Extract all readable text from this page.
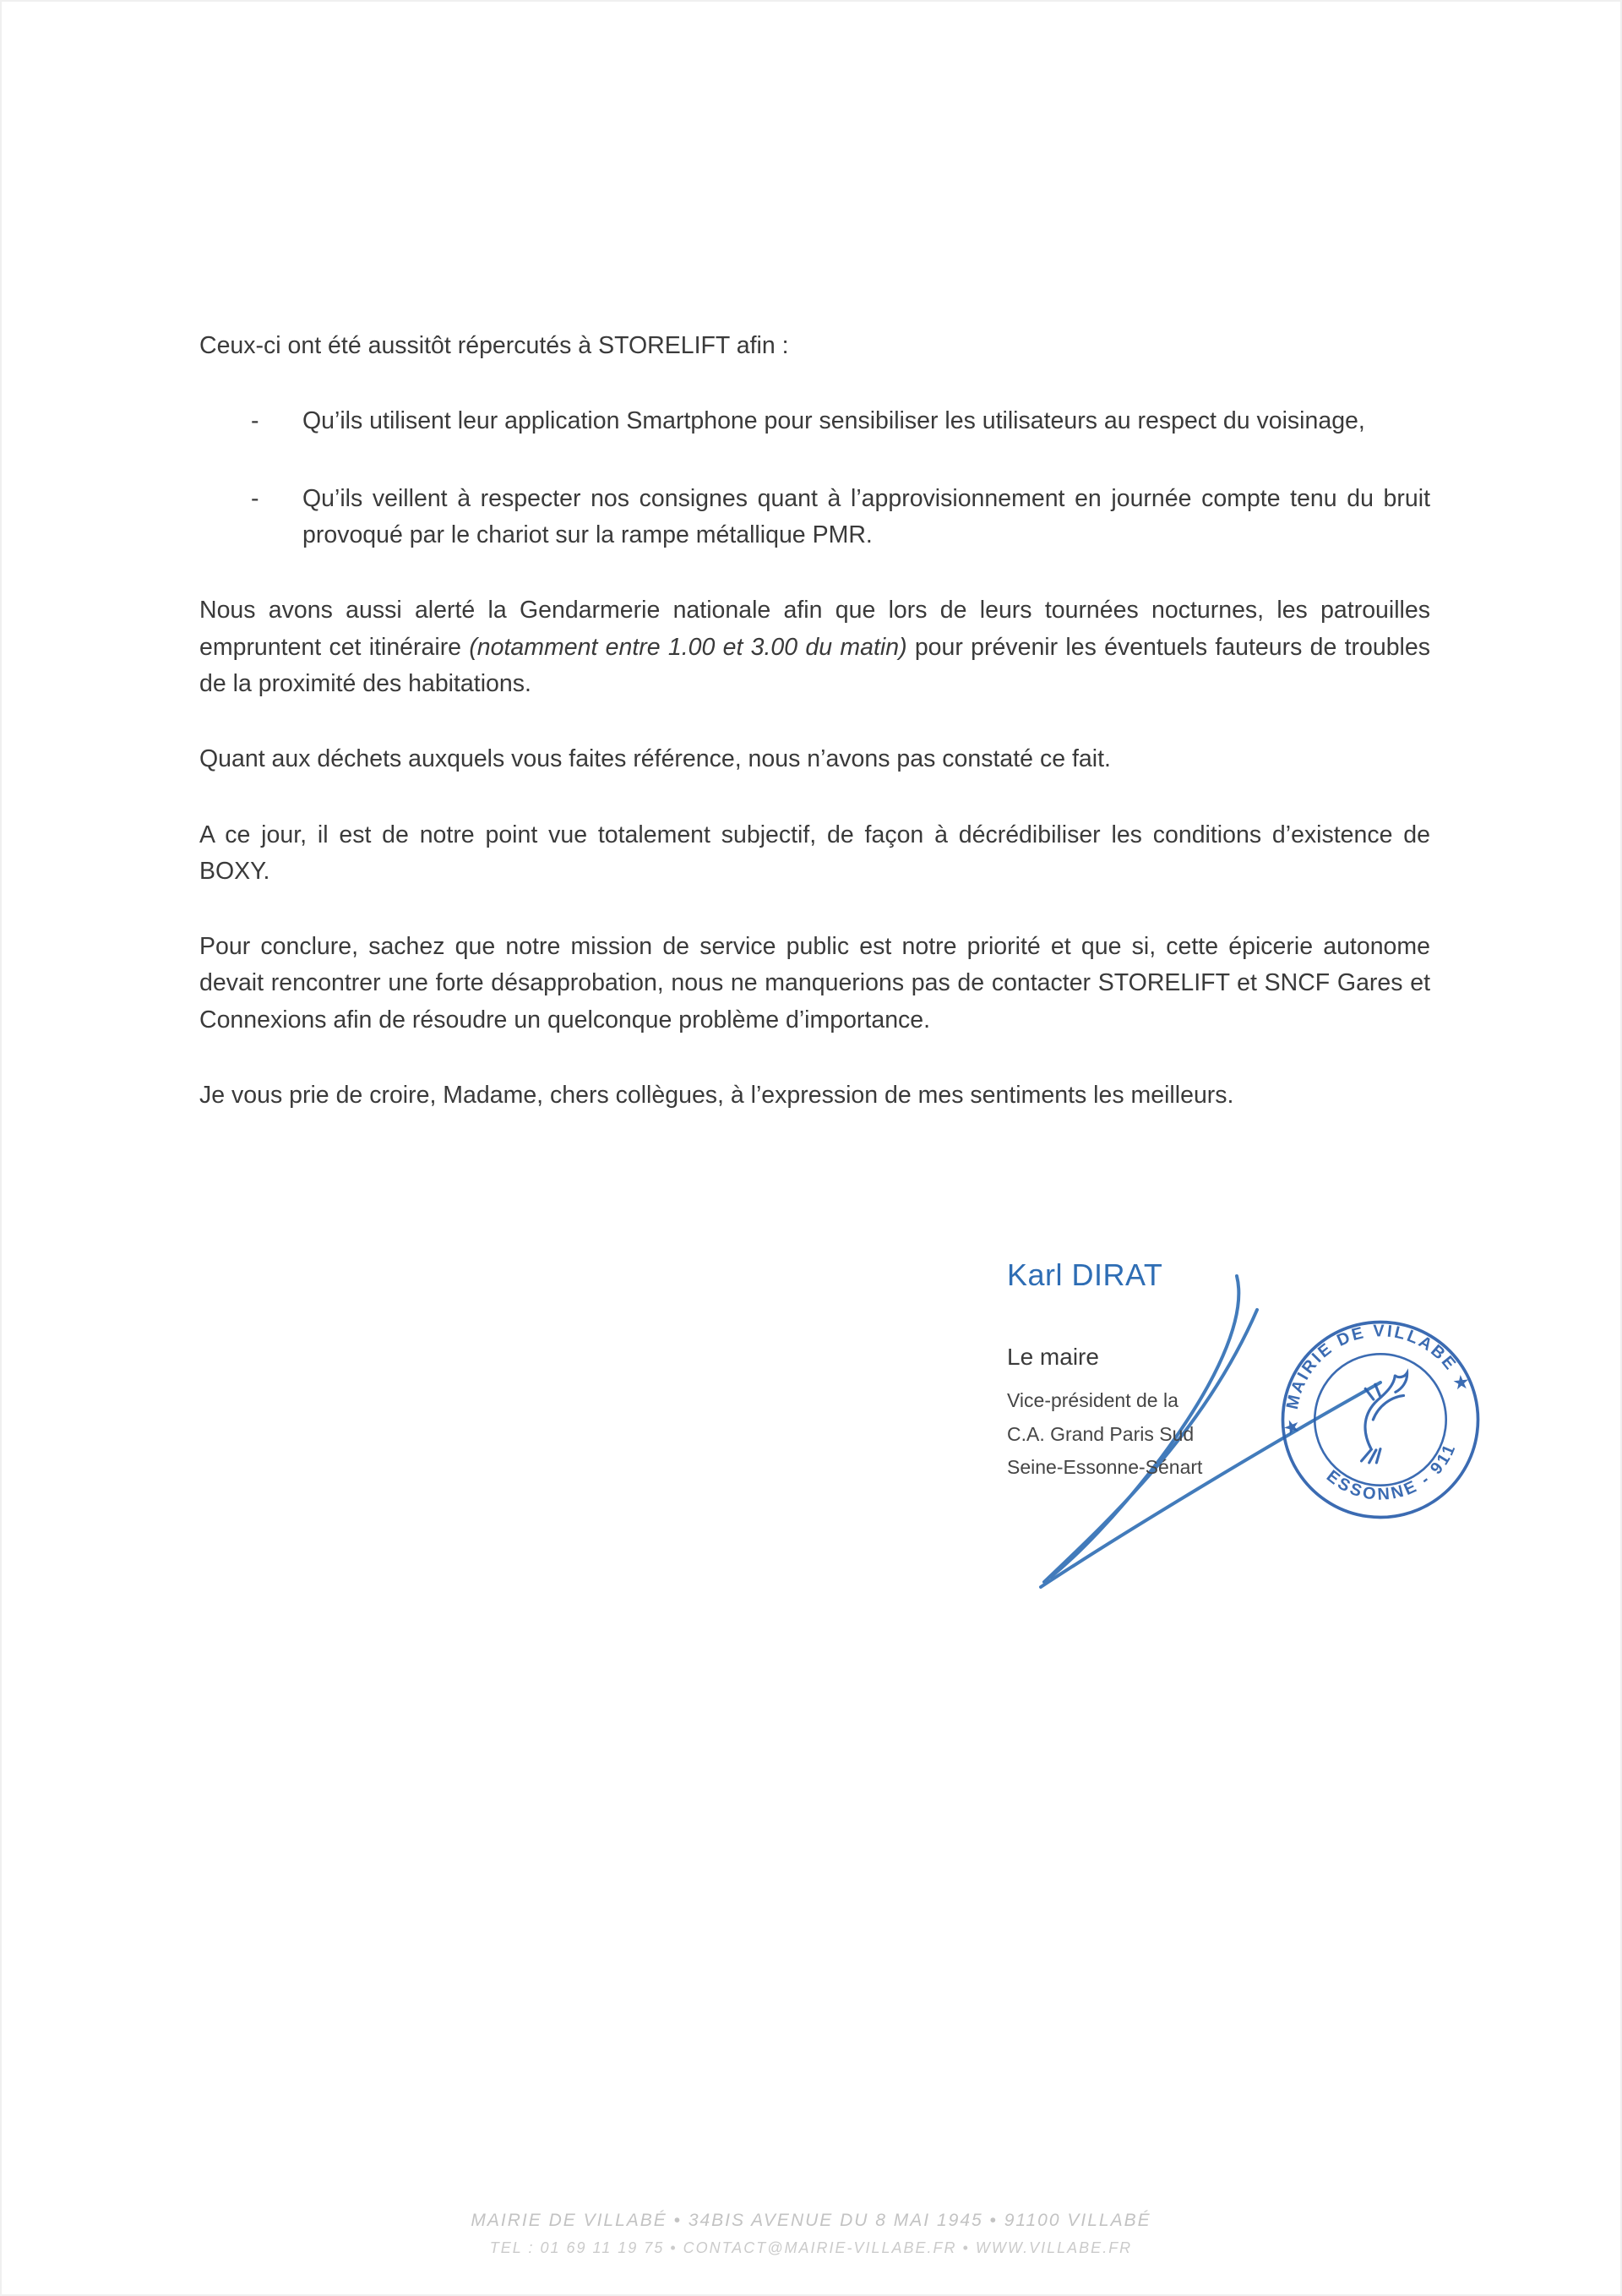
Ceux-ci ont été aussitôt répercutés à STORELIFT afin :

-	Qu’ils utilisent leur application Smartphone pour sensibiliser les utilisateurs au respect du voisinage,
-	Qu’ils veillent à respecter nos consignes quant à l’approvisionnement en journée compte tenu du bruit provoqué par le chariot sur la rampe métallique PMR.

Nous avons aussi alerté la Gendarmerie nationale afin que lors de leurs tournées nocturnes, les patrouilles empruntent cet itinéraire (notamment entre 1.00 et 3.00 du matin) pour prévenir les éventuels fauteurs de troubles de la proximité des habitations.

Quant aux déchets auxquels vous faites référence, nous n’avons pas constaté ce fait.

A ce jour, il est de notre point vue totalement subjectif, de façon à décrédibiliser les conditions d’existence de BOXY.

Pour conclure, sachez que notre mission de service public est notre priorité et que si, cette épicerie autonome devait rencontrer une forte désapprobation, nous ne manquerions pas de contacter STORELIFT et SNCF Gares et Connexions afin de résoudre un quelconque problème d’importance.

Je vous prie de croire, Madame, chers collègues, à l’expression de mes sentiments les meilleurs.

Karl DIRAT
Le maire
Vice-président de la
C.A. Grand Paris Sud
Seine-Essonne-Sénart
★ MAIRIE DE VILLABÉ ★
ESSONNE - 911
MAIRIE DE VILLABÉ • 34BIS AVENUE DU 8 MAI 1945 • 91100 VILLABÉ
TEL : 01 69 11 19 75 • CONTACT@MAIRIE-VILLABE.FR • WWW.VILLABE.FR
